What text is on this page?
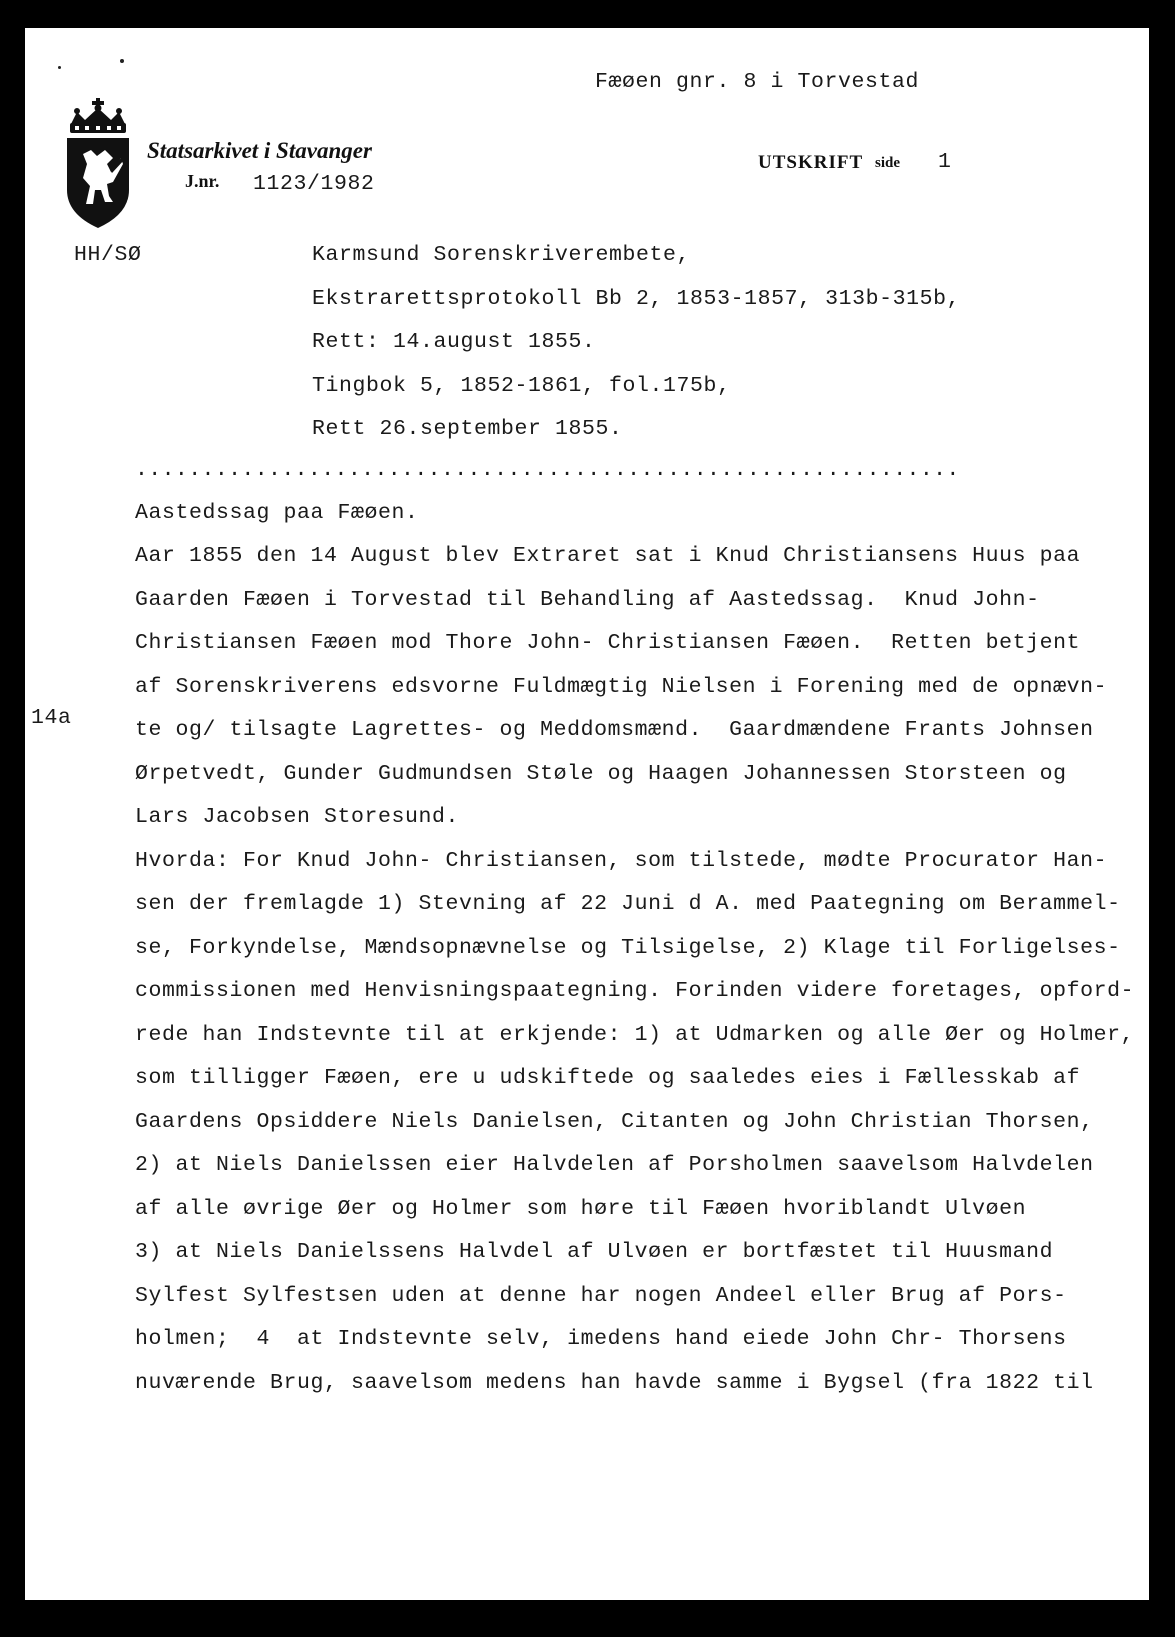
Statsarkivet i Stavanger
J.nr. 1123/1982
Fæøen gnr. 8 i Torvestad
UTSKRIFT side 1
HH/SØ	Karmsund Sorenskriverembete,
Ekstrarettsprotokoll Bb 2, 1853-1857, 313b-315b,
Rett: 14.august 1855.
Tingbok 5, 1852-1861, fol.175b,
Rett 26.september 1855.
..............................................................
14a
Aastedssag paa Fæøen.
Aar 1855 den 14 August blev Extraret sat i Knud Christiansens Huus paa
Gaarden Fæøen i Torvestad til Behandling af Aastedssag.  Knud John-
Christiansen Fæøen mod Thore John- Christiansen Fæøen.  Retten betjent
af Sorenskriverens edsvorne Fuldmægtig Nielsen i Forening med de opnævn-
te og/ tilsagte Lagrettes- og Meddomsmænd.  Gaardmændene Frants Johnsen
Ørpetvedt, Gunder Gudmundsen Støle og Haagen Johannessen Storsteen og
Lars Jacobsen Storesund.
Hvorda: For Knud John- Christiansen, som tilstede, mødte Procurator Han-
sen der fremlagde 1) Stevning af 22 Juni d A. med Paategning om Berammel-
se, Forkyndelse, Mændsopnævnelse og Tilsigelse, 2) Klage til Forligelses-
commissionen med Henvisningspaategning. Forinden videre foretages, opford-
rede han Indstevnte til at erkjende: 1) at Udmarken og alle Øer og Holmer,
som tilligger Fæøen, ere u udskiftede og saaledes eies i Fællesskab af
Gaardens Opsiddere Niels Danielsen, Citanten og John Christian Thorsen,
2) at Niels Danielssen eier Halvdelen af Porsholmen saavelsom Halvdelen
af alle øvrige Øer og Holmer som høre til Fæøen hvoriblandt Ulvøen
3) at Niels Danielssens Halvdel af Ulvøen er bortfæstet til Huusmand
Sylfest Sylfestsen uden at denne har nogen Andeel eller Brug af Pors-
holmen;  4  at Indstevnte selv, imedens hand eiede John Chr- Thorsens
nuværende Brug, saavelsom medens han havde samme i Bygsel (fra 1822 til
